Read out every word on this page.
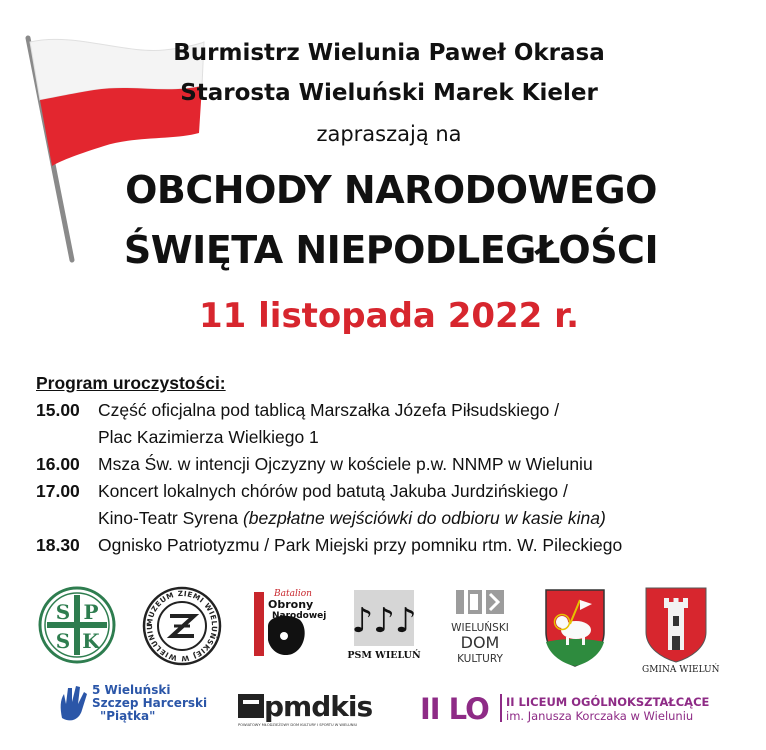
Burmistrz Wielunia Paweł Okrasa
Starosta Wieluński Marek Kieler
zapraszają na
OBCHODY NARODOWEGO
ŚWIĘTA NIEPODLEGŁOŚCI
11 listopada 2022 r.
Program uroczystości:
15.00	Część oficjalna pod tablicą Marszałka Józefa Piłsudskiego /
Plac Kazimierza Wielkiego 1
16.00	Msza Św. w intencji Ojczyzny w kościele p.w. NNMP w Wieluniu
17.00	Koncert lokalnych chórów pod batutą Jakuba Jurdzińskiego /
Kino-Teatr Syrena (bezpłatne wejściówki do odbioru w kasie kina)
18.30	Ognisko Patriotyzmu / Park Miejski przy pomniku rtm. W. Pileckiego
S P
S K
MUZEUM ZIEMI WIELUŃSKIEJ W WIELUNIU
Batalion
Obrony
Narodowej ♪♪♪
PSM WIELUŃ
WIELUŃSKI
DOM
KULTURY
GMINA WIELUŃ
5 Wieluński
Szczep Harcerski
"Piątka"	pmdkis
POWIATOWY MŁODZIEŻOWY DOM KULTURY I SPORTU W WIELUNIU II LO II LICEUM OGÓLNOKSZTAŁCĄCE
im. Janusza Korczaka w Wieluniu
